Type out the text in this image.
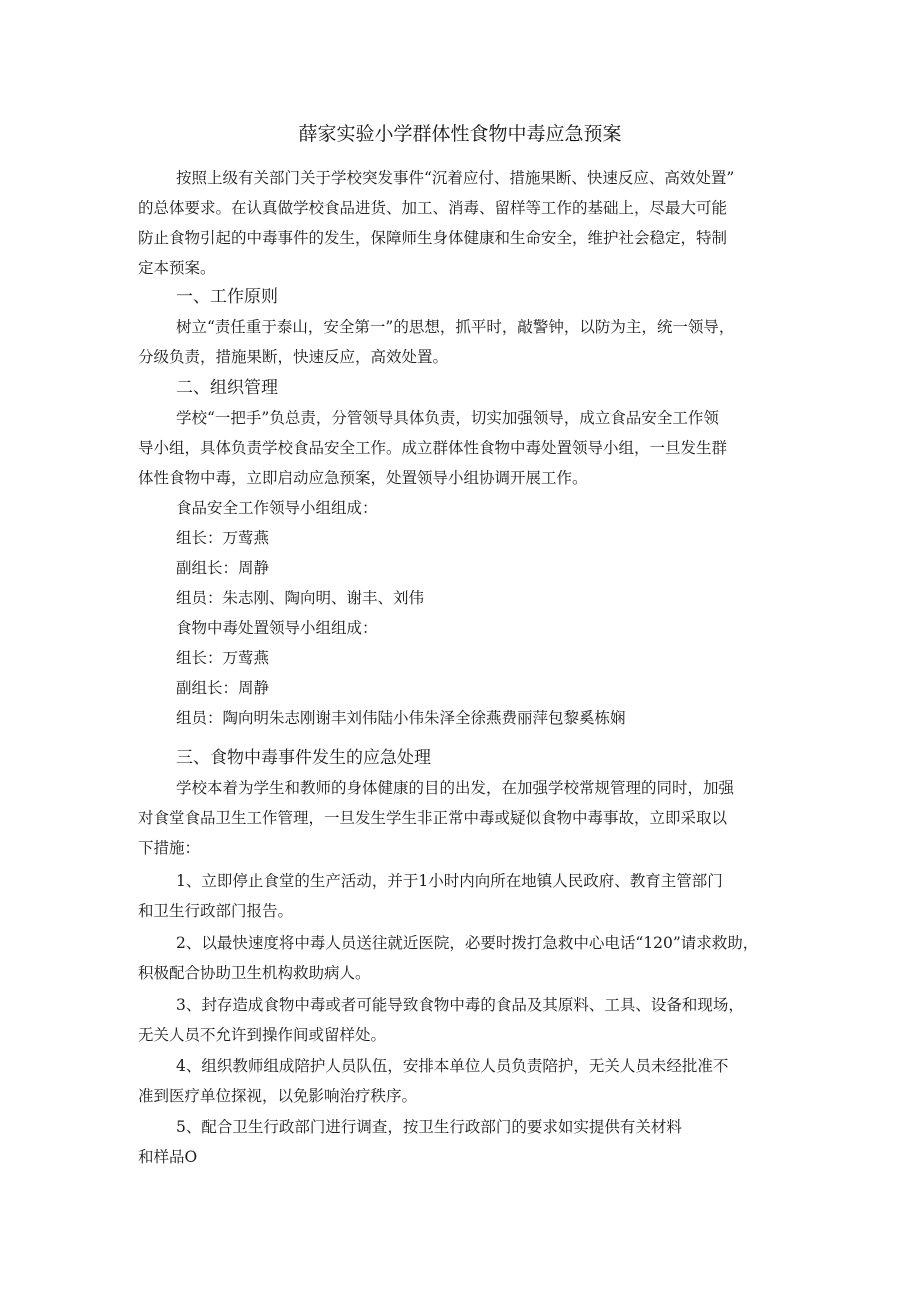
薛家实验小学群体性食物中毒应急预案
按照上级有关部门关于学校突发事件“沉着应付、措施果断、快速反应、高效处置”
的总体要求。在认真做学校食品进货、加工、消毒、留样等工作的基础上，尽最大可能
防止食物引起的中毒事件的发生，保障师生身体健康和生命安全，维护社会稳定，特制
定本预案。
一、工作原则
树立“责任重于泰山，安全第一”的思想，抓平时，敲警钟，以防为主，统一领导，
分级负责，措施果断，快速反应，高效处置。
二、组织管理
学校“一把手”负总责，分管领导具体负责，切实加强领导，成立食品安全工作领
导小组，具体负责学校食品安全工作。成立群体性食物中毒处置领导小组，一旦发生群
体性食物中毒，立即启动应急预案，处置领导小组协调开展工作。
食品安全工作领导小组组成：
组长：万莺燕
副组长：周静
组员：朱志刚、陶向明、谢丰、刘伟
食物中毒处置领导小组组成：
组长：万莺燕
副组长：周静
组员：陶向明朱志刚谢丰刘伟陆小伟朱泽全徐燕费丽萍包黎奚栋娴
三、食物中毒事件发生的应急处理
学校本着为学生和教师的身体健康的目的出发，在加强学校常规管理的同时，加强
对食堂食品卫生工作管理，一旦发生学生非正常中毒或疑似食物中毒事故，立即采取以
下措施：
1、立即停止食堂的生产活动，并于1小时内向所在地镇人民政府、教育主管部门
和卫生行政部门报告。
2、以最快速度将中毒人员送往就近医院，必要时拨打急救中心电话“120”请求救助，
积极配合协助卫生机构救助病人。
3、封存造成食物中毒或者可能导致食物中毒的食品及其原料、工具、设备和现场，
无关人员不允许到操作间或留样处。
4、组织教师组成陪护人员队伍，安排本单位人员负责陪护，无关人员未经批准不
准到医疗单位探视，以免影响治疗秩序。
5、配合卫生行政部门进行调查，按卫生行政部门的要求如实提供有关材料
和样品O
